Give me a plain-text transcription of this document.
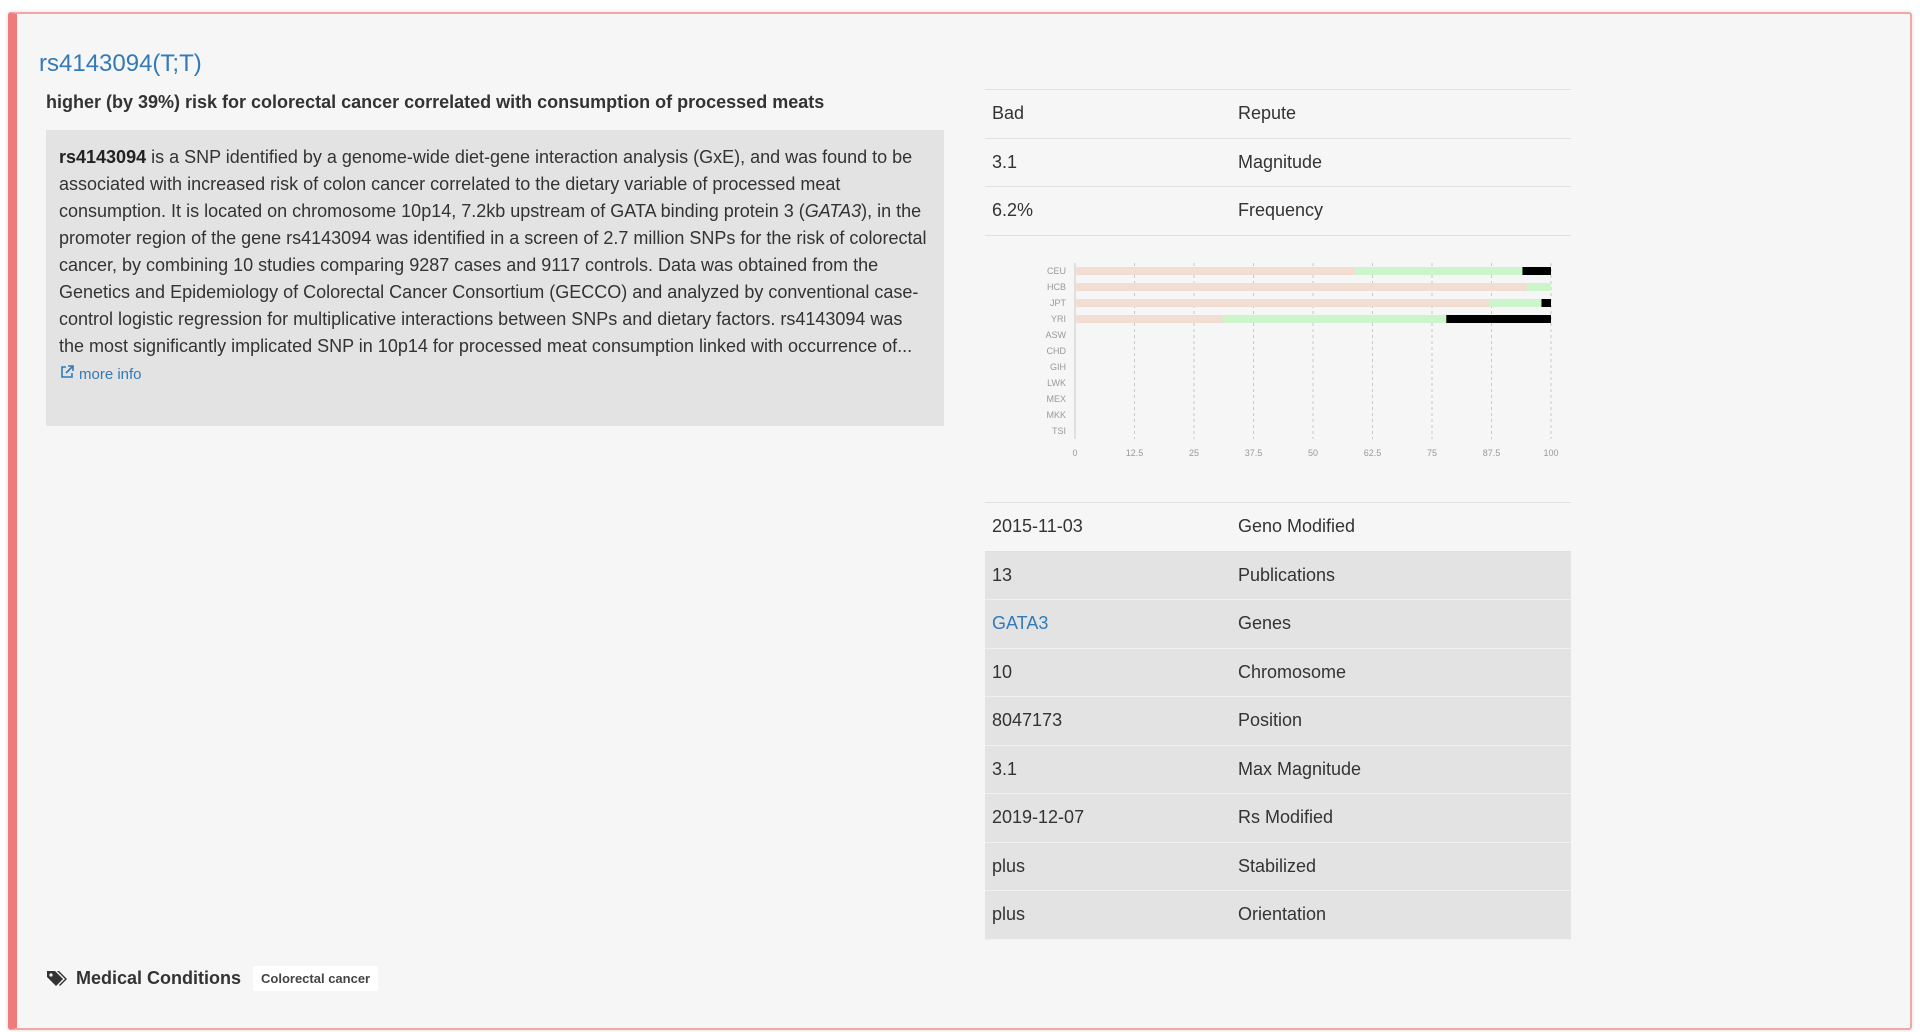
rs4143094(T;T)
higher (by 39%) risk for colorectal cancer correlated with consumption of processed meats

rs4143094 is a SNP identified by a genome-wide diet-gene interaction analysis (GxE), and was found to be associated with increased risk of colon cancer correlated to the dietary variable of processed meat consumption. It is located on chromosome 10p14, 7.2kb upstream of GATA binding protein 3 (GATA3), in the promoter region of the gene rs4143094 was identified in a screen of 2.7 million SNPs for the risk of colorectal cancer, by combining 10 studies comparing 9287 cases and 9117 controls. Data was obtained from the Genetics and Epidemiology of Colorectal Cancer Consortium (GECCO) and analyzed by conventional case-control logistic regression for multiplicative interactions between SNPs and dietary factors. rs4143094 was the most significantly implicated SNP in 10p14 for processed meat consumption linked with occurrence of...

more info
Bad	Repute
3.1	Magnitude
6.2%	Frequency
0	12.5	25	37.5	50	62.5	75	87.5	100
CEU
HCB
JPT
YRI
ASW
CHD
GIH
LWK
MEX
MKK
TSI
2015-11-03	Geno Modified
13	Publications
GATA3	Genes
10	Chromosome
8047173	Position
3.1	Max Magnitude
2019-12-07	Rs Modified
plus	Stabilized
plus	Orientation
Medical Conditions	Colorectal cancer
